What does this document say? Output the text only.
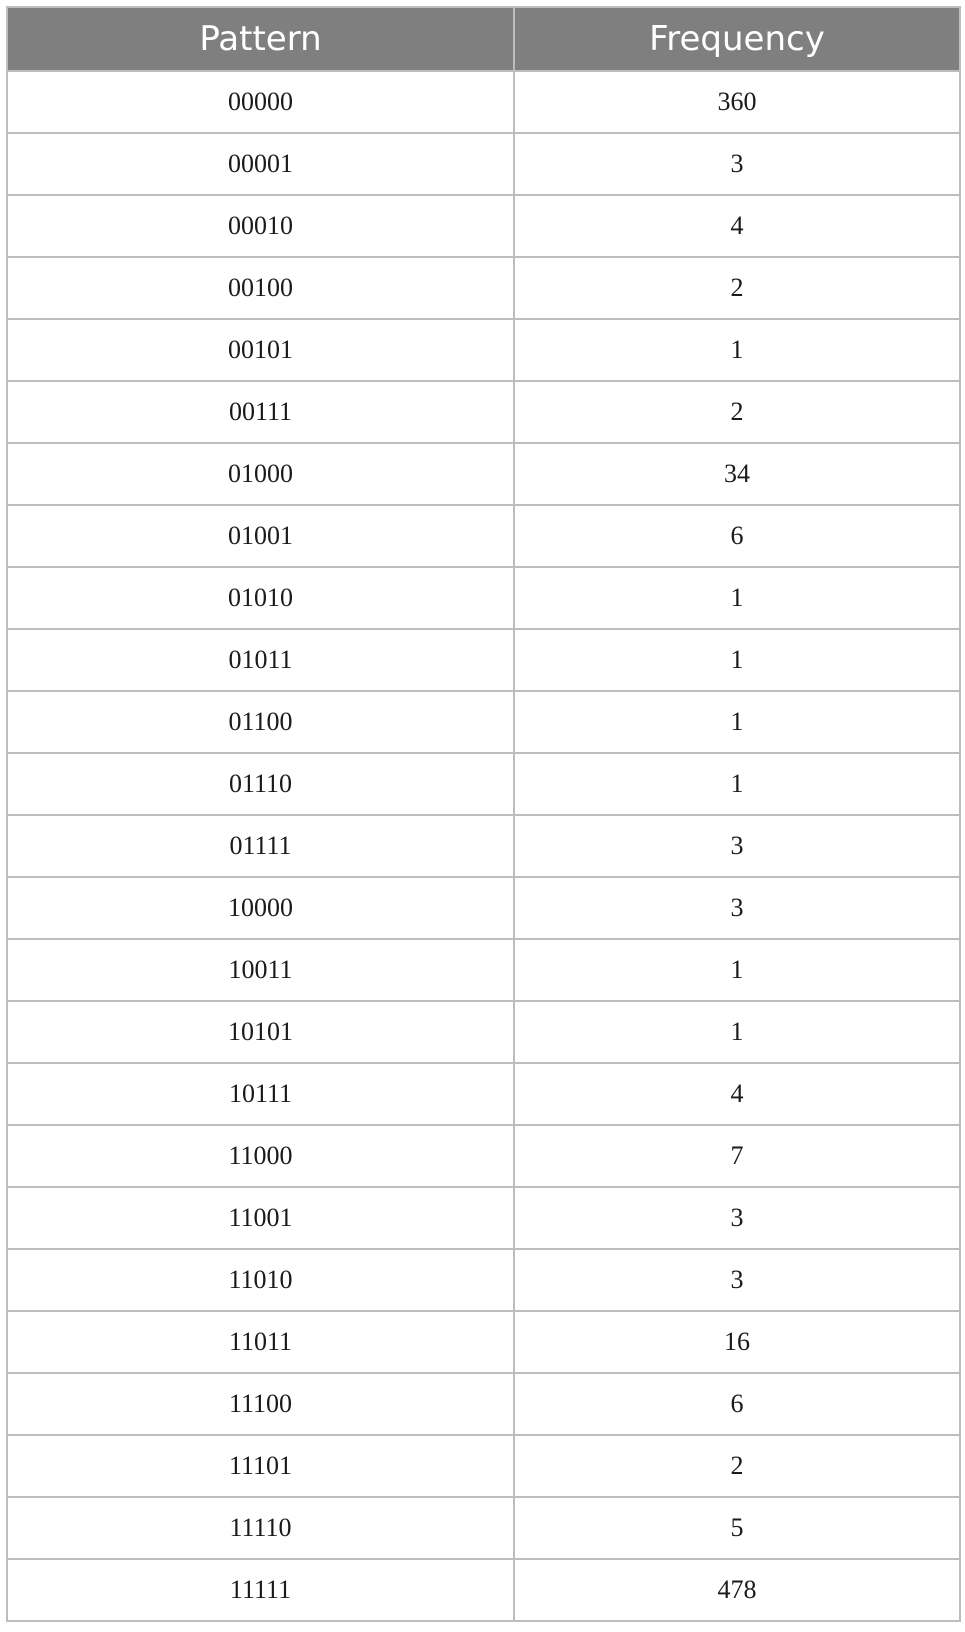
Pattern	Frequency
00000	360
00001	3
00010	4
00100	2
00101	1
00111	2
01000	34
01001	6
01010	1
01011	1
01100	1
01110	1
01111	3
10000	3
10011	1
10101	1
10111	4
11000	7
11001	3
11010	3
11011	16
11100	6
11101	2
11110	5
11111	478
